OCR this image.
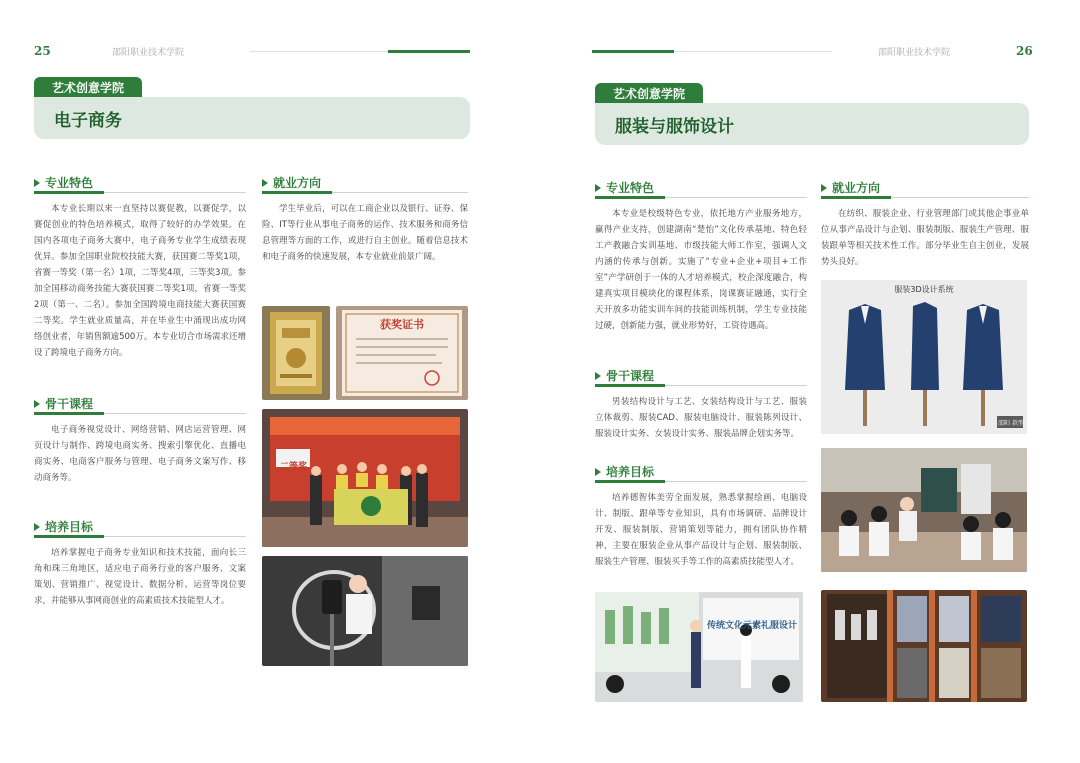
25	邵阳职业技术学院
艺术创意学院
电子商务
专业特色

本专业长期以来一直坚持以赛促教，以赛促学，以赛促创业的特色培养模式，取得了较好的办学效果。在国内各项电子商务大赛中，电子商务专业学生成绩表现优异。参加全国职业院校技能大赛，获国赛二等奖1项，省赛一等奖（第一名）1项，二等奖4项，三等奖3项。参加全国移动商务技能大赛获国赛二等奖1项，省赛一等奖2项（第一、二名）。参加全国跨境电商技能大赛获国赛二等奖。学生就业质量高，并在毕业生中涌现出成功网络创业者，年销售额逾500万。本专业切合市场需求还增设了跨境电子商务方向。

骨干课程

电子商务视觉设计、网络营销、网店运营管理、网页设计与制作、跨境电商实务、搜索引擎优化、直播电商实务、电商客户服务与管理、电子商务文案写作、移动商务等。

培养目标

培养掌握电子商务专业知识和技术技能，面向长三角和珠三角地区，适应电子商务行业的客户服务、文案策划、营销推广、视觉设计、数据分析、运营等岗位要求，并能够从事网商创业的高素质技术技能型人才。

就业方向

学生毕业后，可以在工商企业以及银行、证券、保险、IT等行业从事电子商务的运作、技术服务和商务信息管理等方面的工作，或进行自主创业。随着信息技术和电子商务的快速发展，本专业就业前景广阔。

获奖证书
二等奖
邵阳职业技术学院	26
艺术创意学院
服装与服饰设计
专业特色

本专业是校级特色专业，依托地方产业服务地方，赢得产业支持，创建湖南“楚怡”文化传承基地、特色轻工产教融合实训基地、市级技能大师工作室，强调人文内涵的传承与创新。实施了“专业+企业+项目+工作室”产学研创于一体的人才培养模式，校企深度融合，构建真实项目模块化的课程体系，岗课赛证融通，实行全天开放多功能实训车间的技能训练机制，学生专业技能过硬，创新能力强，就业形势好，工资待遇高。

骨干课程

男装结构设计与工艺、女装结构设计与工艺、服装立体裁剪、服装CAD、服装电脑设计、服装陈列设计、服装设计实务、女装设计实务、服装品牌企划实务等。

培养目标

培养德智体美劳全面发展，熟悉掌握绘画、电脑设计、制版、跟单等专业知识，具有市场调研、品牌设计开发、服装制版、营销策划等能力，拥有团队协作精神，主要在服装企业从事产品设计与企划、服装制版、服装生产管理、服装买手等工作的高素质技能型人才。

就业方向

在纺织、服装企业、行业管理部门或其他企事业单位从事产品设计与企划、服装制版、服装生产管理、服装跟单等相关技术性工作。部分毕业生自主创业，发展势头良好。

服装3D设计系统
邵阳 款型
传统文化元素礼服设计
